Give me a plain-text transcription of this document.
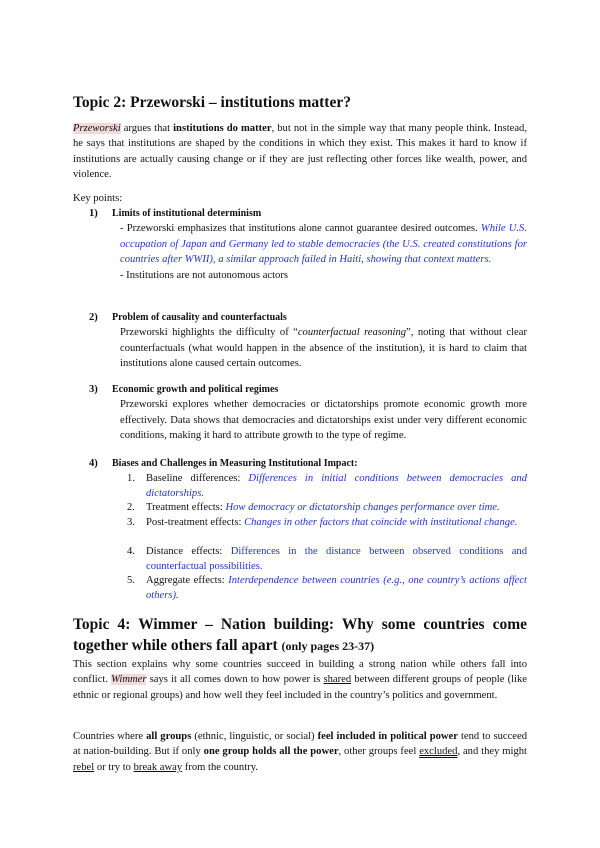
Topic 2: Przeworski – institutions matter?

Przeworski argues that institutions do matter, but not in the simple way that many people think. Instead, he says that institutions are shaped by the conditions in which they exist. This makes it hard to know if institutions are actually causing change or if they are just reflecting other forces like wealth, power, and violence.

Key points:
1) Limits of institutional determinism
- Przeworski emphasizes that institutions alone cannot guarantee desired outcomes. While U.S. occupation of Japan and Germany led to stable democracies (the U.S. created constitutions for countries after WWII), a similar approach failed in Haiti, showing that context matters.
- Institutions are not autonomous actors
2) Problem of causality and counterfactuals
Przeworski highlights the difficulty of “counterfactual reasoning”, noting that without clear counterfactuals (what would happen in the absence of the institution), it is hard to claim that institutions alone caused certain outcomes.
3) Economic growth and political regimes
Przeworski explores whether democracies or dictatorships promote economic growth more effectively. Data shows that democracies and dictatorships exist under very different economic conditions, making it hard to attribute growth to the type of regime.
4) Biases and Challenges in Measuring Institutional Impact:
1. Baseline differences: Differences in initial conditions between democracies and dictatorships.
2. Treatment effects: How democracy or dictatorship changes performance over time.
3. Post-treatment effects: Changes in other factors that coincide with institutional change.
4. Distance effects: Differences in the distance between observed conditions and counterfactual possibilities.
5. Aggregate effects: Interdependence between countries (e.g., one country’s actions affect others).
Topic 4: Wimmer – Nation building: Why some countries come together while others fall apart (only pages 23-37)

This section explains why some countries succeed in building a strong nation while others fall into conflict. Wimmer says it all comes down to how power is shared between different groups of people (like ethnic or regional groups) and how well they feel included in the country’s politics and government.

Countries where all groups (ethnic, linguistic, or social) feel included in political power tend to succeed at nation-building. But if only one group holds all the power, other groups feel excluded, and they might rebel or try to break away from the country.
